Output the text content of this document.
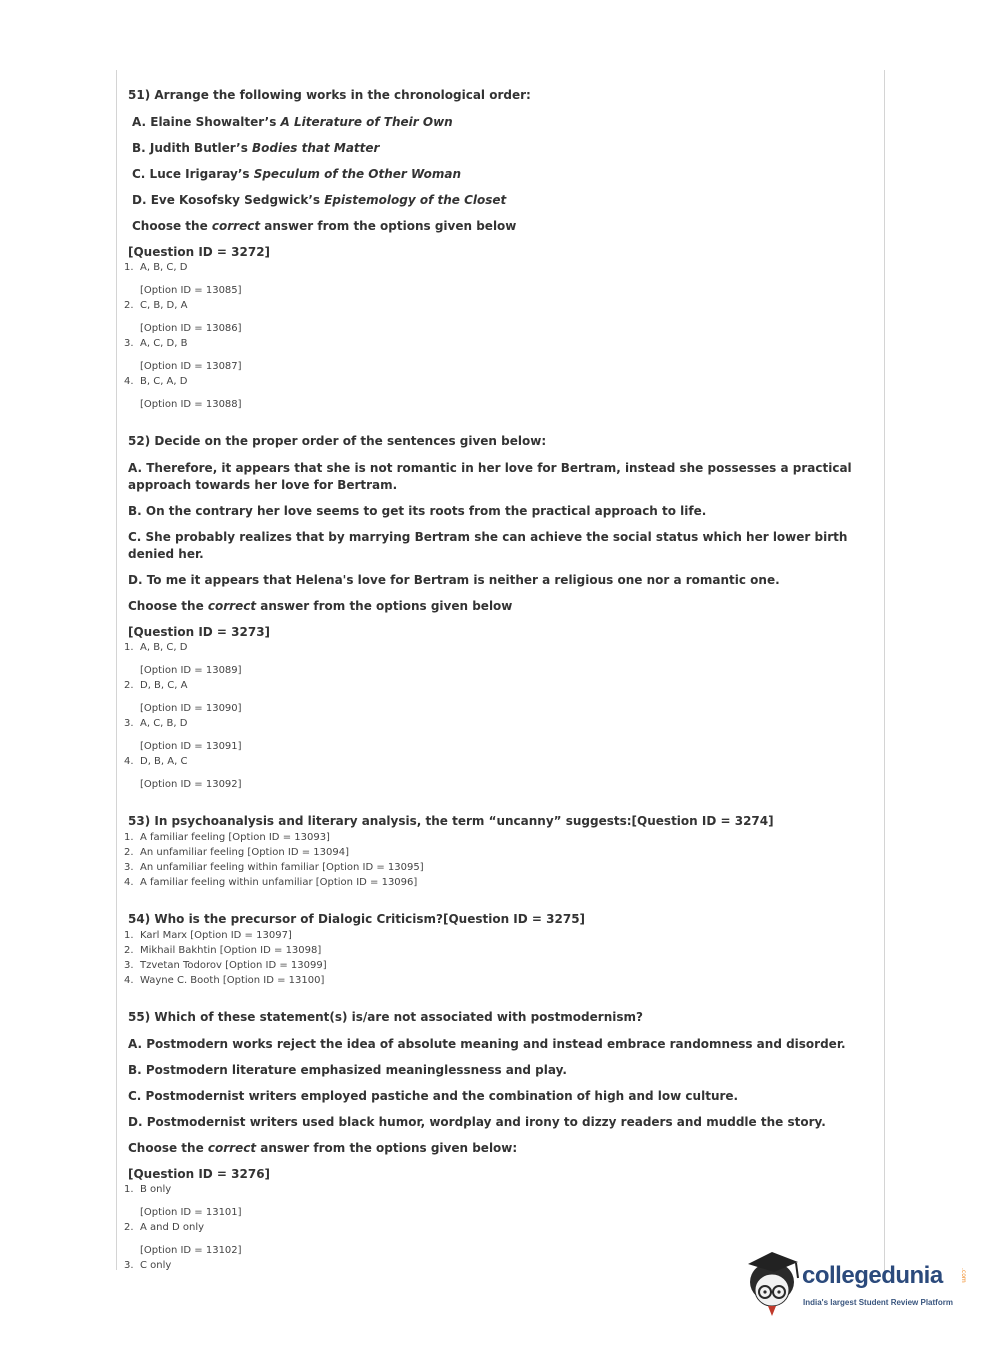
51) Arrange the following works in the chronological order:
A. Elaine Showalter’s A Literature of Their Own
B. Judith Butler’s Bodies that Matter
C. Luce Irigaray’s Speculum of the Other Woman
D. Eve Kosofsky Sedgwick’s Epistemology of the Closet
Choose the correct answer from the options given below
[Question ID = 3272]
1. A, B, C, D
[Option ID = 13085]
2. C, B, D, A
[Option ID = 13086]
3. A, C, D, B
[Option ID = 13087]
4. B, C, A, D
[Option ID = 13088]
52) Decide on the proper order of the sentences given below:
A. Therefore, it appears that she is not romantic in her love for Bertram, instead she possesses a practical approach towards her love for Bertram.
B. On the contrary her love seems to get its roots from the practical approach to life.
C. She probably realizes that by marrying Bertram she can achieve the social status which her lower birth denied her.
D. To me it appears that Helena's love for Bertram is neither a religious one nor a romantic one.
Choose the correct answer from the options given below
[Question ID = 3273]
1. A, B, C, D
[Option ID = 13089]
2. D, B, C, A
[Option ID = 13090]
3. A, C, B, D
[Option ID = 13091]
4. D, B, A, C
[Option ID = 13092]
53) In psychoanalysis and literary analysis, the term “uncanny” suggests:[Question ID = 3274]
1. A familiar feeling [Option ID = 13093]
2. An unfamiliar feeling [Option ID = 13094]
3. An unfamiliar feeling within familiar [Option ID = 13095]
4. A familiar feeling within unfamiliar [Option ID = 13096]
54) Who is the precursor of Dialogic Criticism?[Question ID = 3275]
1. Karl Marx [Option ID = 13097]
2. Mikhail Bakhtin [Option ID = 13098]
3. Tzvetan Todorov [Option ID = 13099]
4. Wayne C. Booth [Option ID = 13100]
55) Which of these statement(s) is/are not associated with postmodernism?
A. Postmodern works reject the idea of absolute meaning and instead embrace randomness and disorder.
B. Postmodern literature emphasized meaninglessness and play.
C. Postmodernist writers employed pastiche and the combination of high and low culture.
D. Postmodernist writers used black humor, wordplay and irony to dizzy readers and muddle the story.
Choose the correct answer from the options given below:
[Question ID = 3276]
1. B only
[Option ID = 13101]
2. A and D only
[Option ID = 13102]
3. C only	collegedunia	.com
India's largest Student Review Platform
